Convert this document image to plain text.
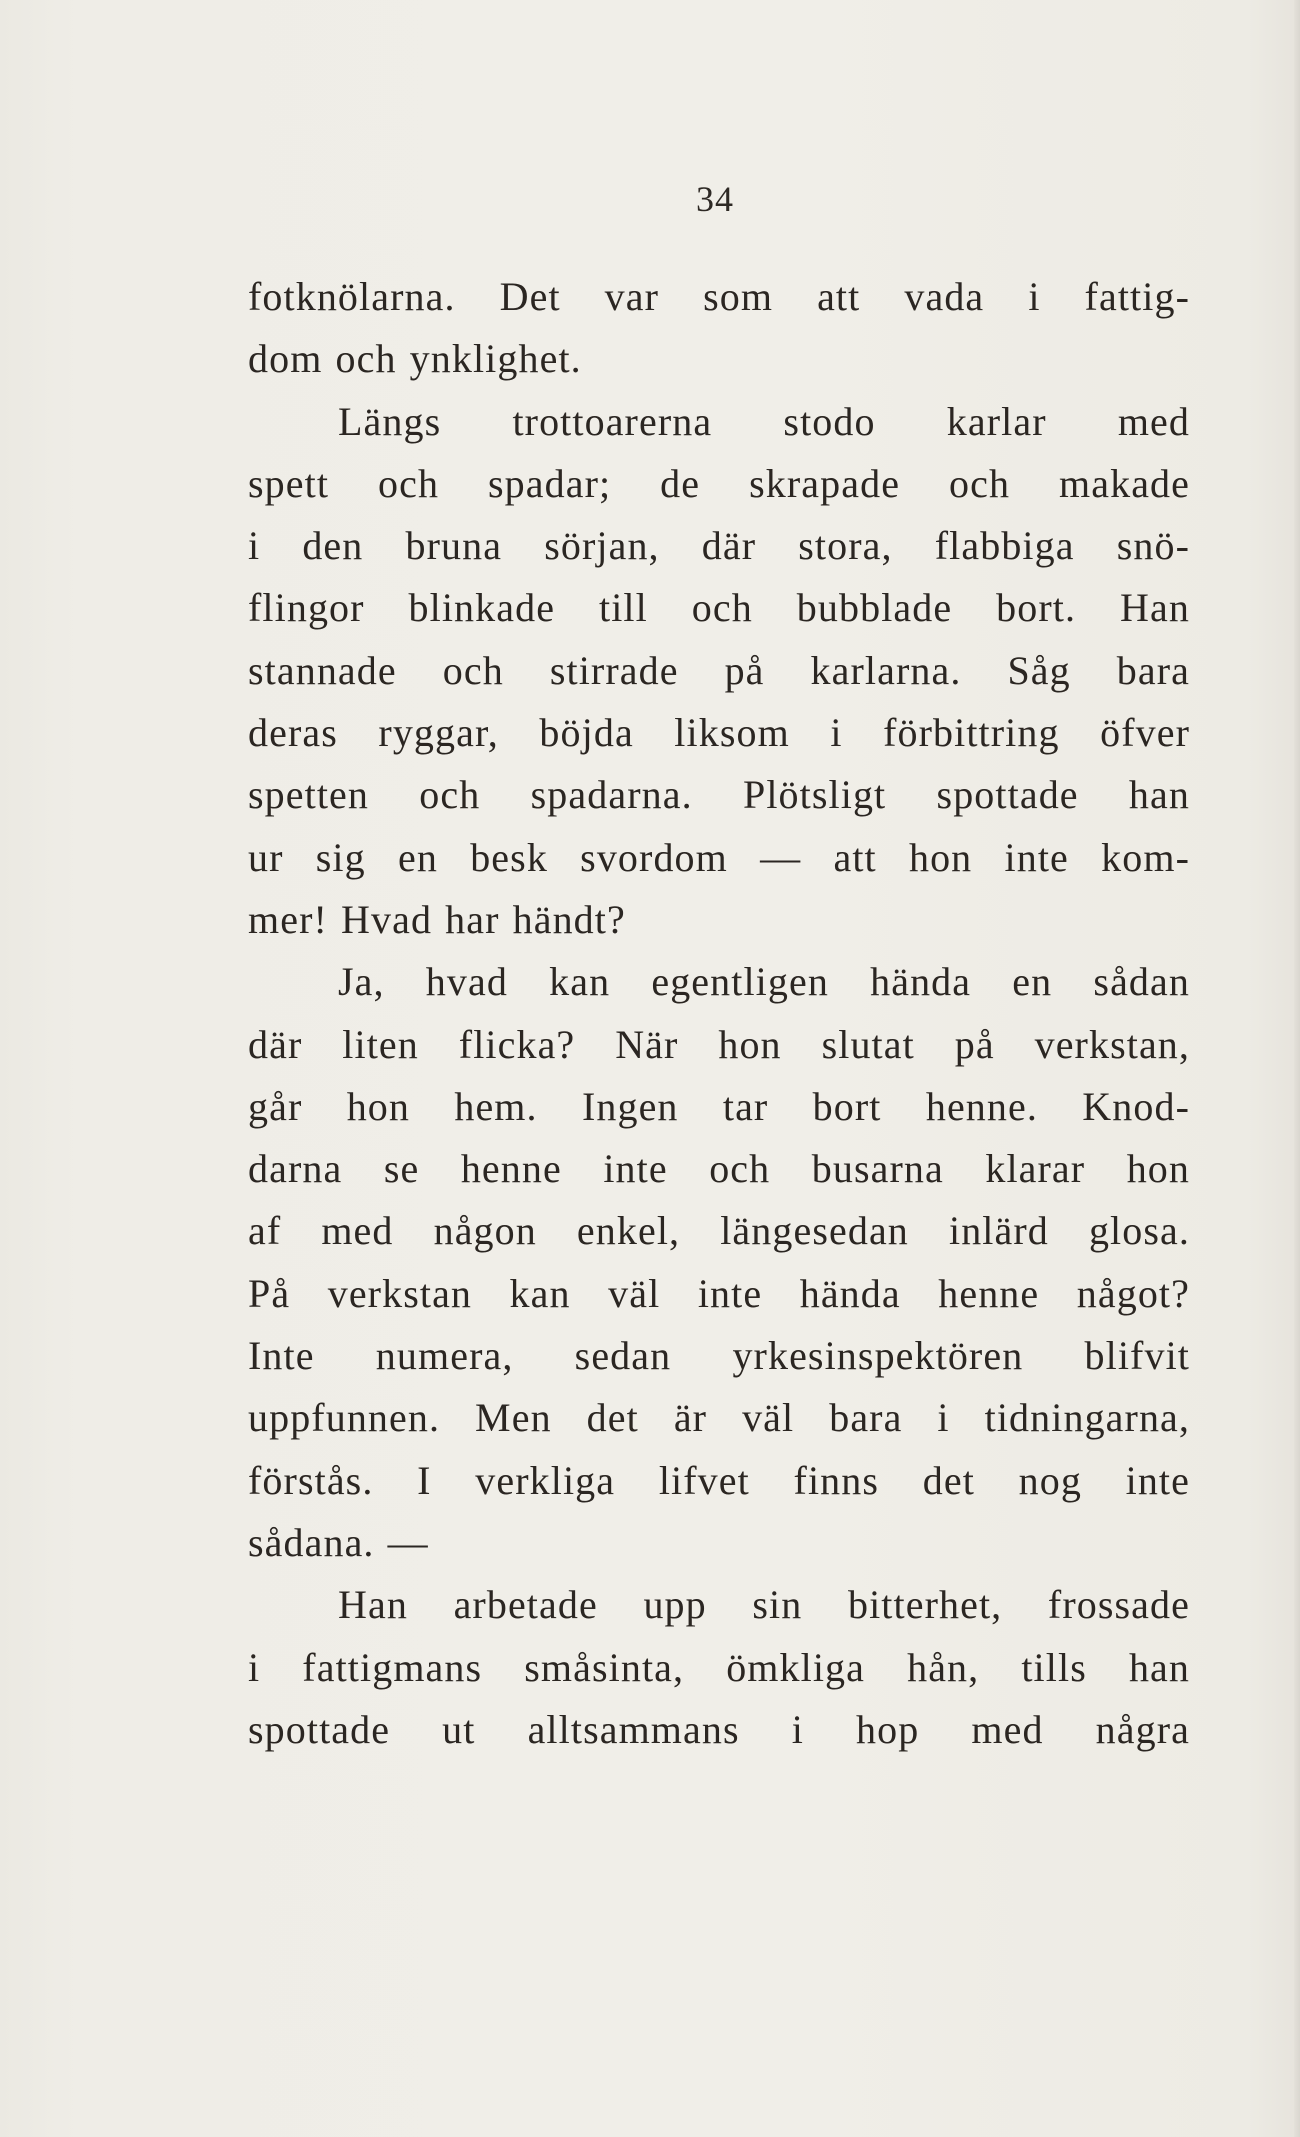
34
fotknölarna. Det var som att vada i fattig-
dom och ynklighet.
Längs trottoarerna stodo karlar med
spett och spadar; de skrapade och makade
i den bruna sörjan, där stora, flabbiga snö-
flingor blinkade till och bubblade bort. Han
stannade och stirrade på karlarna. Såg bara
deras ryggar, böjda liksom i förbittring öfver
spetten och spadarna. Plötsligt spottade han
ur sig en besk svordom — att hon inte kom-
mer! Hvad har händt?
Ja, hvad kan egentligen hända en sådan
där liten flicka? När hon slutat på verkstan,
går hon hem. Ingen tar bort henne. Knod-
darna se henne inte och busarna klarar hon
af med någon enkel, längesedan inlärd glosa.
På verkstan kan väl inte hända henne något?
Inte numera, sedan yrkesinspektören blifvit
uppfunnen. Men det är väl bara i tidningarna,
förstås. I verkliga lifvet finns det nog inte
sådana. —
Han arbetade upp sin bitterhet, frossade
i fattigmans småsinta, ömkliga hån, tills han
spottade ut alltsammans i hop med några
